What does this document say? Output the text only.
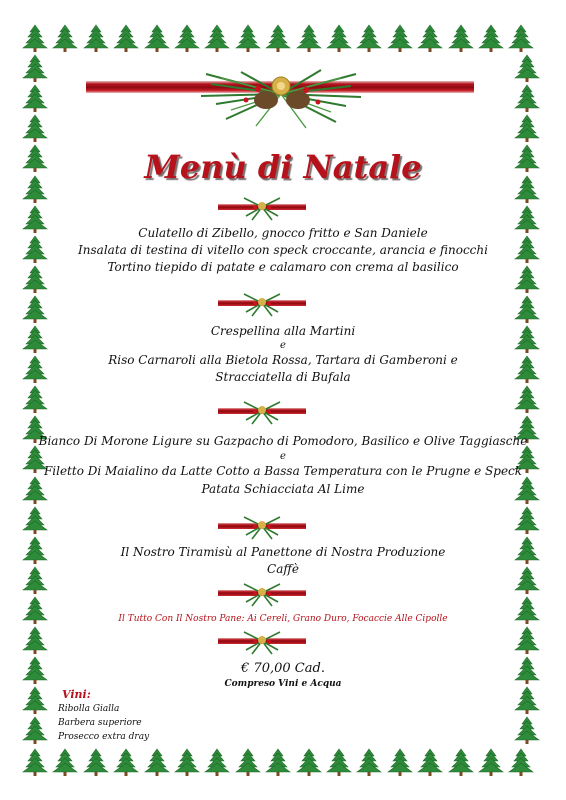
Menù di Natale
Culatello di Zibello, gnocco fritto e San Daniele
Insalata di testina di vitello con speck croccante, arancia e finocchi
Tortino tiepido di patate e calamaro con crema al basilico
Crespellina alla Martini
e
Riso Carnaroli alla Bietola Rossa, Tartara di Gamberoni e
Stracciatella di Bufala
Bianco Di Morone Ligure su Gazpacho di Pomodoro, Basilico e Olive Taggiasche
e
Filetto Di Maialino da Latte Cotto a Bassa Temperatura con le Prugne e Speck
Patata Schiacciata Al Lime
Il Nostro Tiramisù al Panettone di Nostra Produzione
Caffè
Il Tutto Con Il Nostro Pane: Ai Cereli, Grano Duro, Focaccie Alle Cipolle
€ 70,00 Cad.
Compreso Vini e Acqua
Vini:
Ribolla Gialla
Barbera superiore
Prosecco extra dray
